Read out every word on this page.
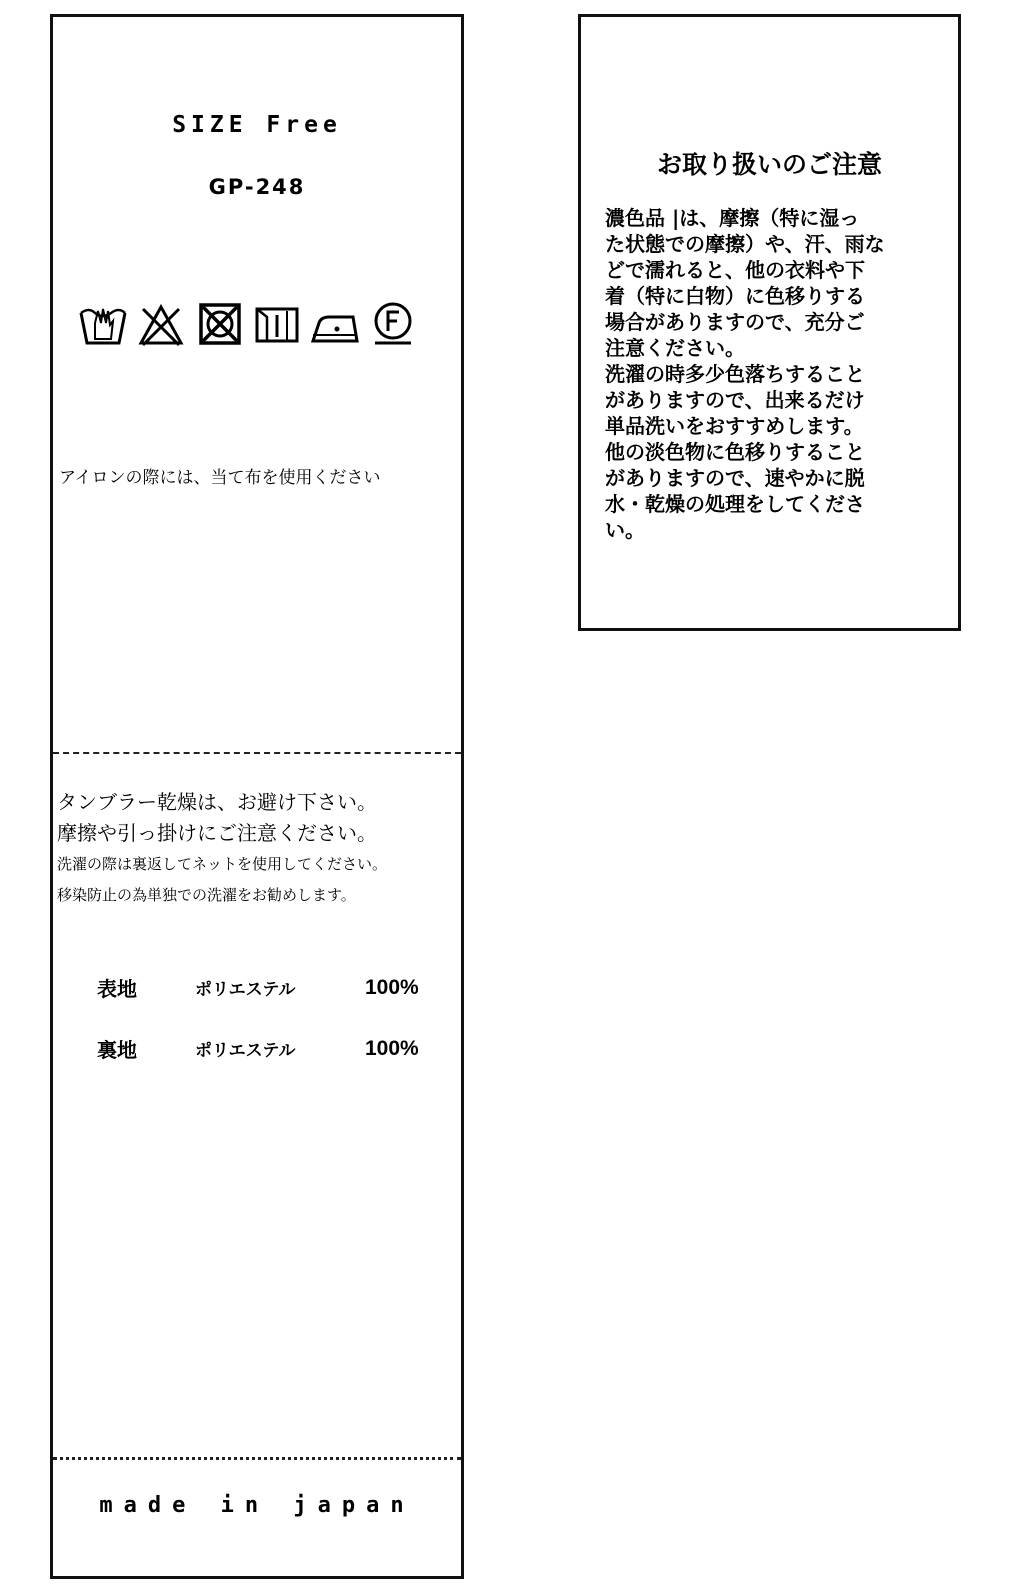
SIZE Free
GP-248
アイロンの際には、当て布を使用ください
タンブラー乾燥は、お避け下さい。
摩擦や引っ掛けにご注意ください。
洗濯の際は裏返してネットを使用してください。
移染防止の為単独での洗濯をお勧めします。
表地	ポリエステル	100%
裏地	ポリエステル	100%
made in japan
お取り扱いのご注意
濃色品 |は、摩擦（特に湿っ
た状態での摩擦）や、汗、雨な
どで濡れると、他の衣料や下
着（特に白物）に色移りする
場合がありますので、充分ご
注意ください。
洗濯の時多少色落ちすること
がありますので、出来るだけ
単品洗いをおすすめします。
他の淡色物に色移りすること
がありますので、速やかに脱
水・乾燥の処理をしてくださ
い。
